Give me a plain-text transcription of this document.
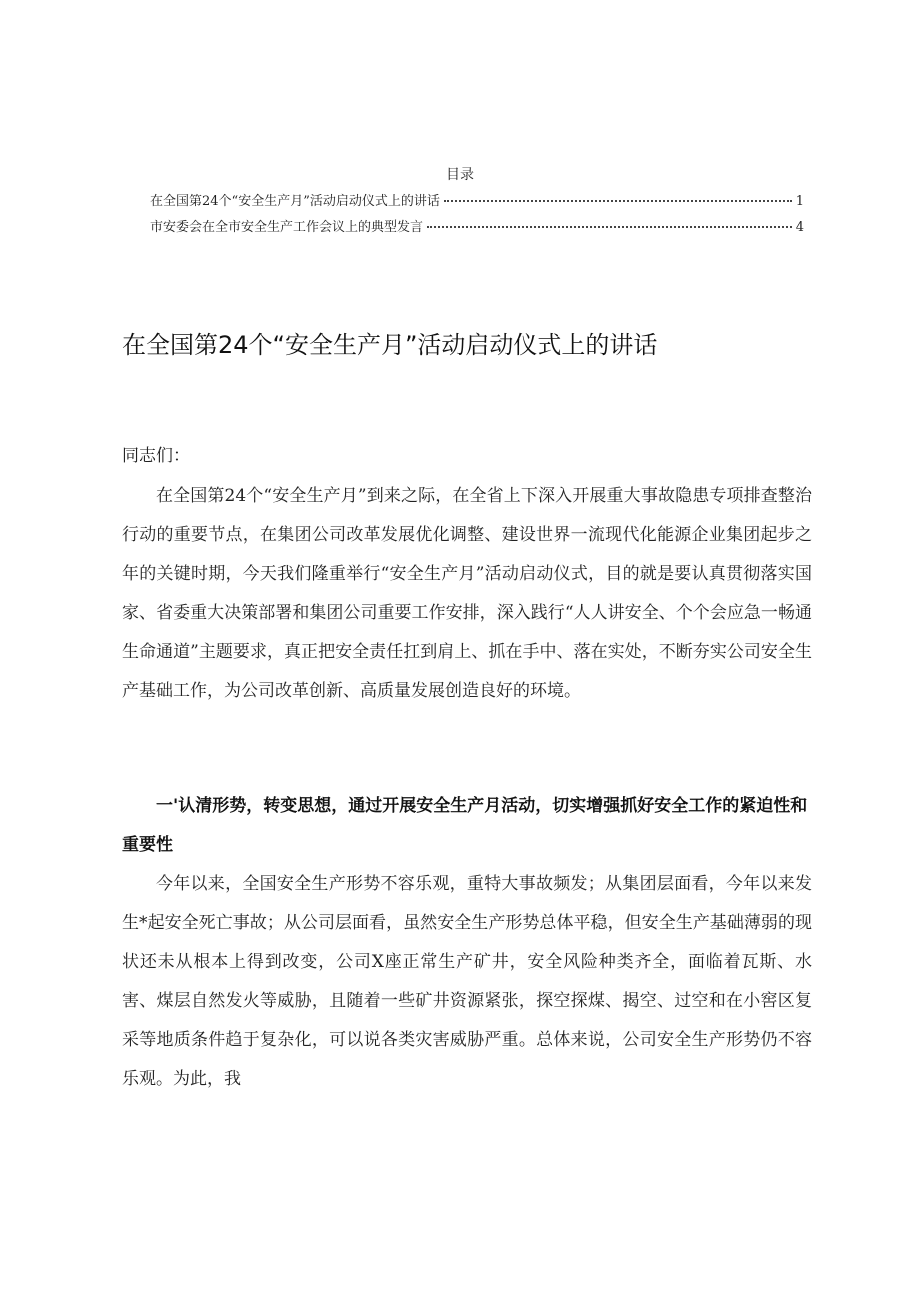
目录
在全国第24个“安全生产月”活动启动仪式上的讲话	1
市安委会在全市安全生产工作会议上的典型发言	4
在全国第24个“安全生产月”活动启动仪式上的讲话
同志们：

在全国第24个“安全生产月”到来之际，在全省上下深入开展重大事故隐患专项排查整治行动的重要节点，在集团公司改革发展优化调整、建设世界一流现代化能源企业集团起步之年的关键时期，今天我们隆重举行“安全生产月”活动启动仪式，目的就是要认真贯彻落实国家、省委重大决策部署和集团公司重要工作安排，深入践行“人人讲安全、个个会应急一畅通生命通道”主题要求，真正把安全责任扛到肩上、抓在手中、落在实处，不断夯实公司安全生产基础工作，为公司改革创新、高质量发展创造良好的环境。

一'认清形势，转变思想，通过开展安全生产月活动，切实增强抓好安全工作的紧迫性和重要性

今年以来，全国安全生产形势不容乐观，重特大事故频发；从集团层面看，今年以来发生*起安全死亡事故；从公司层面看，虽然安全生产形势总体平稳，但安全生产基础薄弱的现状还未从根本上得到改变，公司X座正常生产矿井，安全风险种类齐全，面临着瓦斯、水害、煤层自然发火等威胁，且随着一些矿井资源紧张，探空探煤、揭空、过空和在小窖区复采等地质条件趋于复杂化，可以说各类灾害威胁严重。总体来说，公司安全生产形势仍不容乐观。为此，我
